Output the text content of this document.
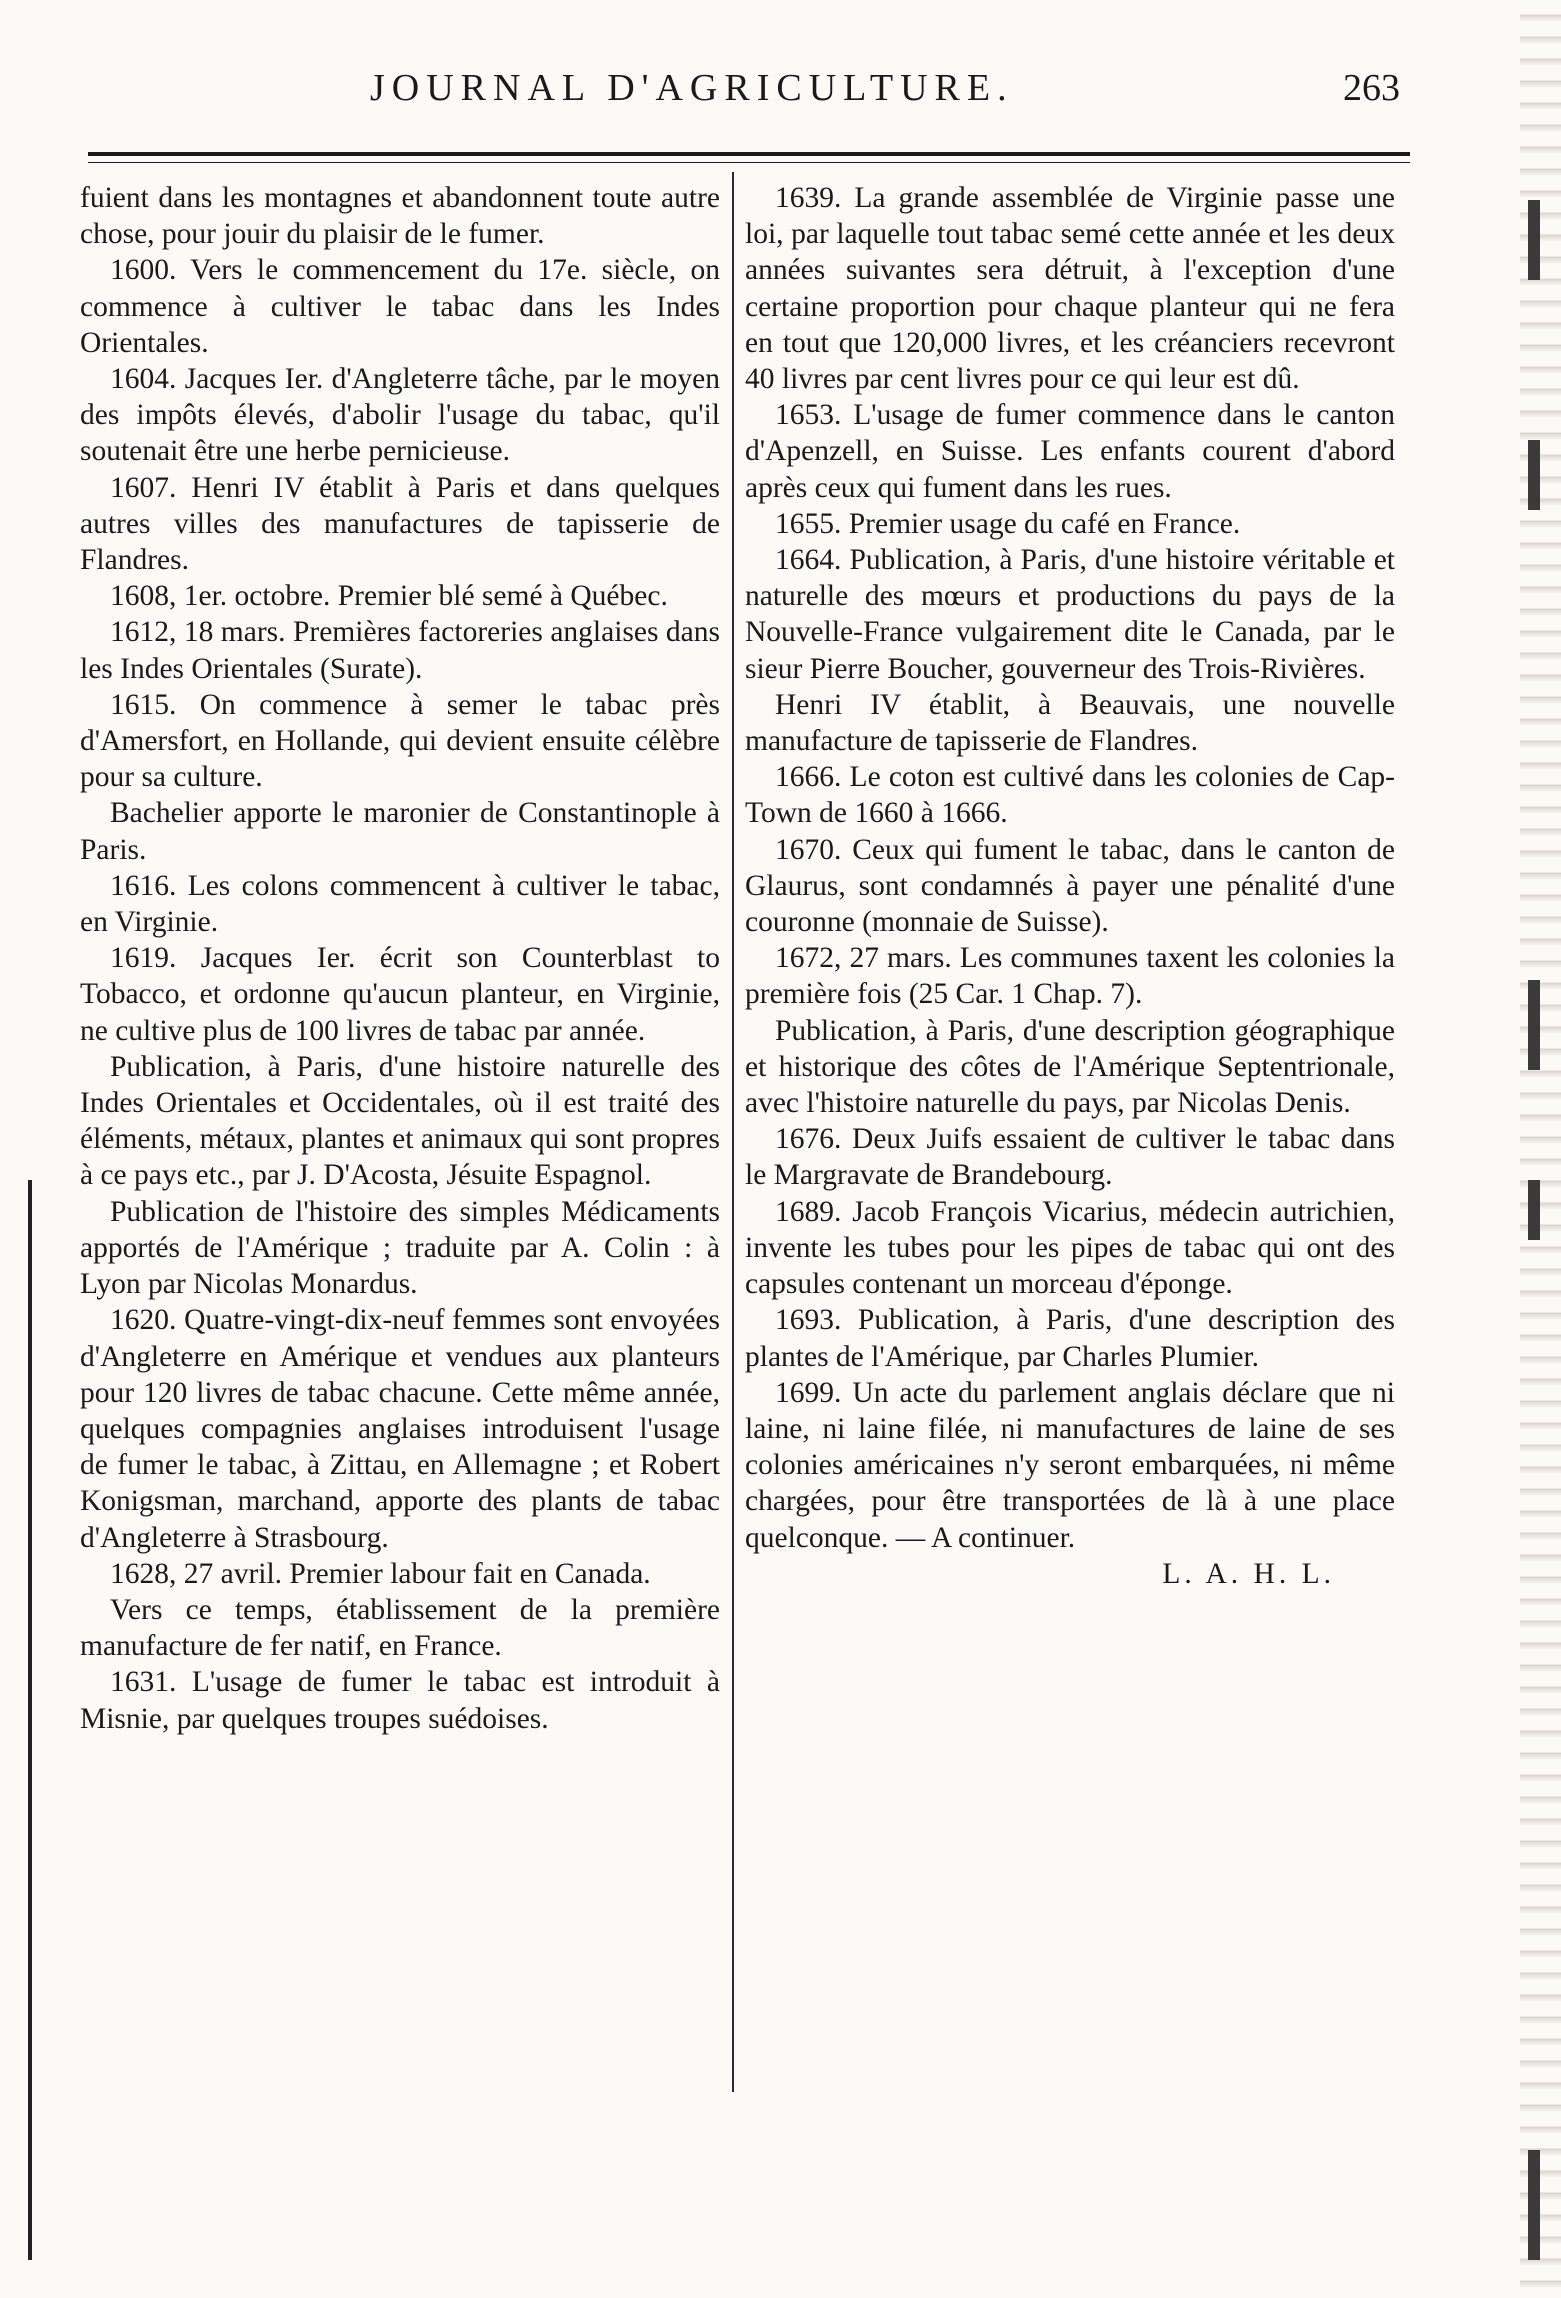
JOURNAL D'AGRICULTURE.	263

fuient dans les montagnes et abandonnent toute autre chose, pour jouir du plaisir de le fumer.

1600. Vers le commencement du 17e. siècle, on commence à cultiver le tabac dans les Indes Orientales.

1604. Jacques Ier. d'Angleterre tâche, par le moyen des impôts élevés, d'abolir l'usage du tabac, qu'il soutenait être une herbe pernicieuse.

1607. Henri IV établit à Paris et dans quelques autres villes des manufactures de tapisserie de Flandres.

1608, 1er. octobre. Premier blé semé à Québec.

1612, 18 mars. Premières factoreries anglaises dans les Indes Orientales (Surate).

1615. On commence à semer le tabac près d'Amersfort, en Hollande, qui devient ensuite célèbre pour sa culture.

Bachelier apporte le maronier de Constantinople à Paris.

1616. Les colons commencent à cultiver le tabac, en Virginie.

1619. Jacques Ier. écrit son Counterblast to Tobacco, et ordonne qu'aucun planteur, en Virginie, ne cultive plus de 100 livres de tabac par année.

Publication, à Paris, d'une histoire naturelle des Indes Orientales et Occidentales, où il est traité des éléments, métaux, plantes et animaux qui sont propres à ce pays etc., par J. D'Acosta, Jésuite Espagnol.

Publication de l'histoire des simples Médicaments apportés de l'Amérique ; traduite par A. Colin : à Lyon par Nicolas Monardus.

1620. Quatre-vingt-dix-neuf femmes sont envoyées d'Angleterre en Amérique et vendues aux planteurs pour 120 livres de tabac chacune. Cette même année, quelques compagnies anglaises introduisent l'usage de fumer le tabac, à Zittau, en Allemagne ; et Robert Konigsman, marchand, apporte des plants de tabac d'Angleterre à Strasbourg.

1628, 27 avril. Premier labour fait en Canada.

Vers ce temps, établissement de la première manufacture de fer natif, en France.

1631. L'usage de fumer le tabac est introduit à Misnie, par quelques troupes suédoises.

1639. La grande assemblée de Virginie passe une loi, par laquelle tout tabac semé cette année et les deux années suivantes sera détruit, à l'exception d'une certaine proportion pour chaque planteur qui ne fera en tout que 120,000 livres, et les créanciers recevront 40 livres par cent livres pour ce qui leur est dû.

1653. L'usage de fumer commence dans le canton d'Apenzell, en Suisse. Les enfants courent d'abord après ceux qui fument dans les rues.

1655. Premier usage du café en France.

1664. Publication, à Paris, d'une histoire véritable et naturelle des mœurs et productions du pays de la Nouvelle-France vulgairement dite le Canada, par le sieur Pierre Boucher, gouverneur des Trois-Rivières.

Henri IV établit, à Beauvais, une nouvelle manufacture de tapisserie de Flandres.

1666. Le coton est cultivé dans les colonies de Cap-Town de 1660 à 1666.

1670. Ceux qui fument le tabac, dans le canton de Glaurus, sont condamnés à payer une pénalité d'une couronne (monnaie de Suisse).

1672, 27 mars. Les communes taxent les colonies la première fois (25 Car. 1 Chap. 7).

Publication, à Paris, d'une description géographique et historique des côtes de l'Amérique Septentrionale, avec l'histoire naturelle du pays, par Nicolas Denis.

1676. Deux Juifs essaient de cultiver le tabac dans le Margravate de Brandebourg.

1689. Jacob François Vicarius, médecin autrichien, invente les tubes pour les pipes de tabac qui ont des capsules contenant un morceau d'éponge.

1693. Publication, à Paris, d'une description des plantes de l'Amérique, par Charles Plumier.

1699. Un acte du parlement anglais déclare que ni laine, ni laine filée, ni manufactures de laine de ses colonies américaines n'y seront embarquées, ni même chargées, pour être transportées de là à une place quelconque. — A continuer.

L. A. H. L.
